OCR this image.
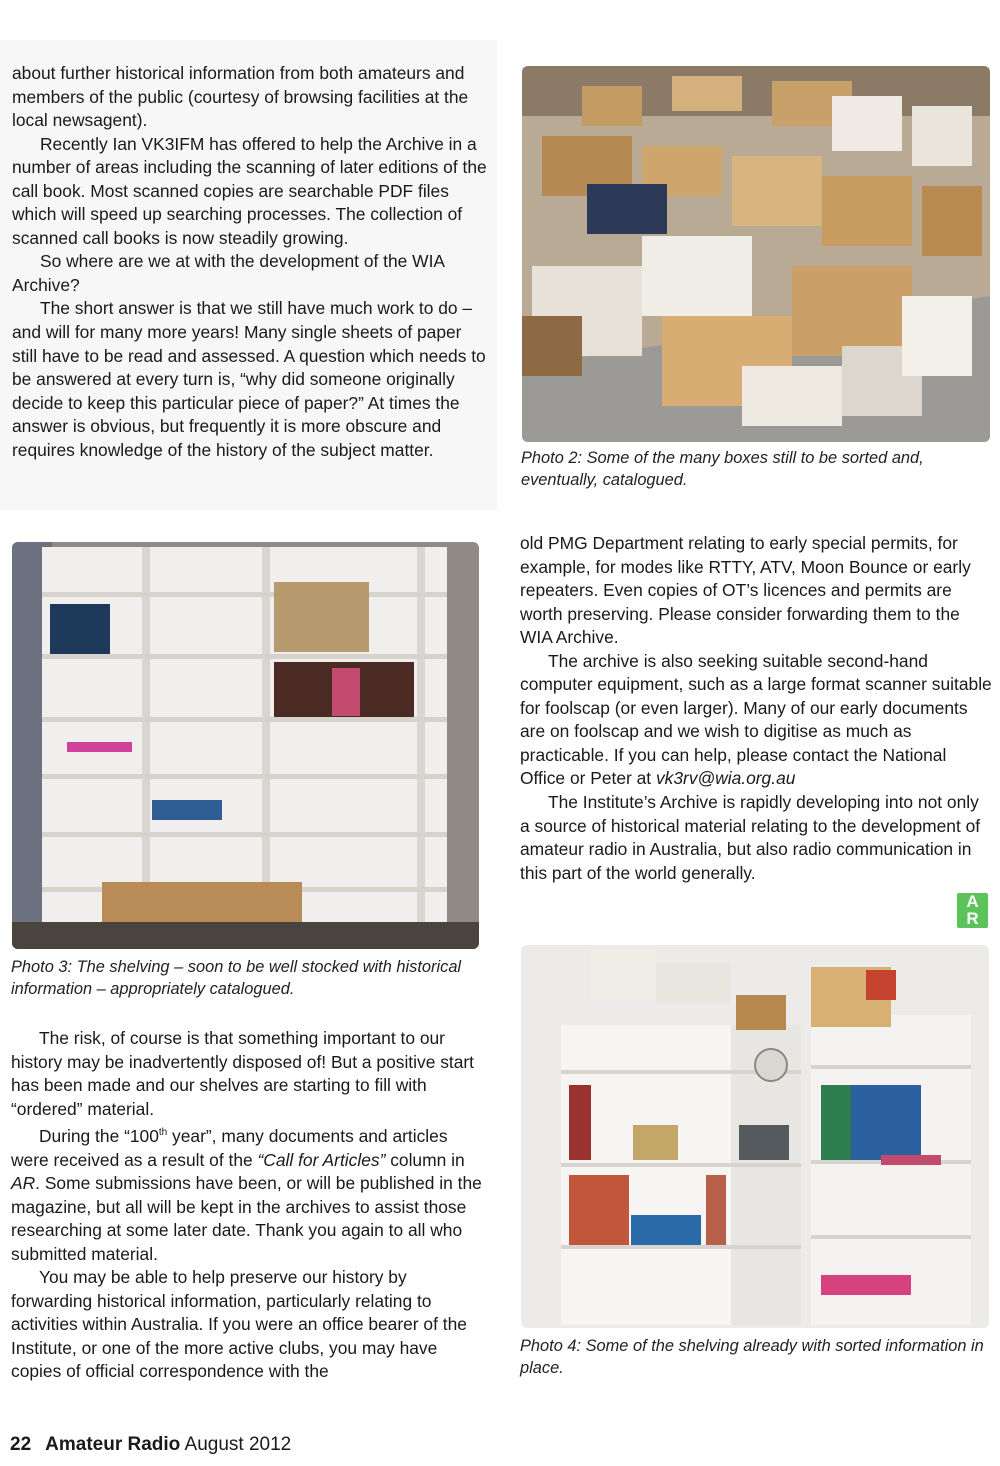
about further historical information from both amateurs and members of the public (courtesy of browsing facilities at the local newsagent).

Recently Ian VK3IFM has offered to help the Archive in a number of areas including the scanning of later editions of the call book. Most scanned copies are searchable PDF files which will speed up searching processes. The collection of scanned call books is now steadily growing.

So where are we at with the development of the WIA Archive?

The short answer is that we still have much work to do – and will for many more years! Many single sheets of paper still have to be read and assessed. A question which needs to be answered at every turn is, “why did someone originally decide to keep this particular piece of paper?” At times the answer is obvious, but frequently it is more obscure and requires knowledge of the history of the subject matter.	Photo 2: Some of the many boxes still to be sorted and, eventually, catalogued.
Photo 3: The shelving – soon to be well stocked with historical information – appropriately catalogued.

old PMG Department relating to early special permits, for example, for modes like RTTY, ATV, Moon Bounce or early repeaters. Even copies of OT’s licences and permits are worth preserving. Please consider forwarding them to the WIA Archive.

The archive is also seeking suitable second-hand computer equipment, such as a large format scanner suitable for foolscap (or even larger). Many of our early documents are on foolscap and we wish to digitise as much as practicable. If you can help, please contact the National Office or Peter at vk3rv@wia.org.au

The Institute’s Archive is rapidly developing into not only a source of historical material relating to the development of amateur radio in Australia, but also radio communication in this part of the world generally.

A
R
Photo 4: Some of the shelving already with sorted information in place.

The risk, of course is that something important to our history may be inadvertently disposed of! But a positive start has been made and our shelves are starting to fill with “ordered” material.

During the “100th year”, many documents and articles were received as a result of the “Call for Articles” column in AR. Some submissions have been, or will be published in the magazine, but all will be kept in the archives to assist those researching at some later date. Thank you again to all who submitted material.

You may be able to help preserve our history by forwarding historical information, particularly relating to activities within Australia. If you were an office bearer of the Institute, or one of the more active clubs, you may have copies of official correspondence with the

22 Amateur Radio August 2012
